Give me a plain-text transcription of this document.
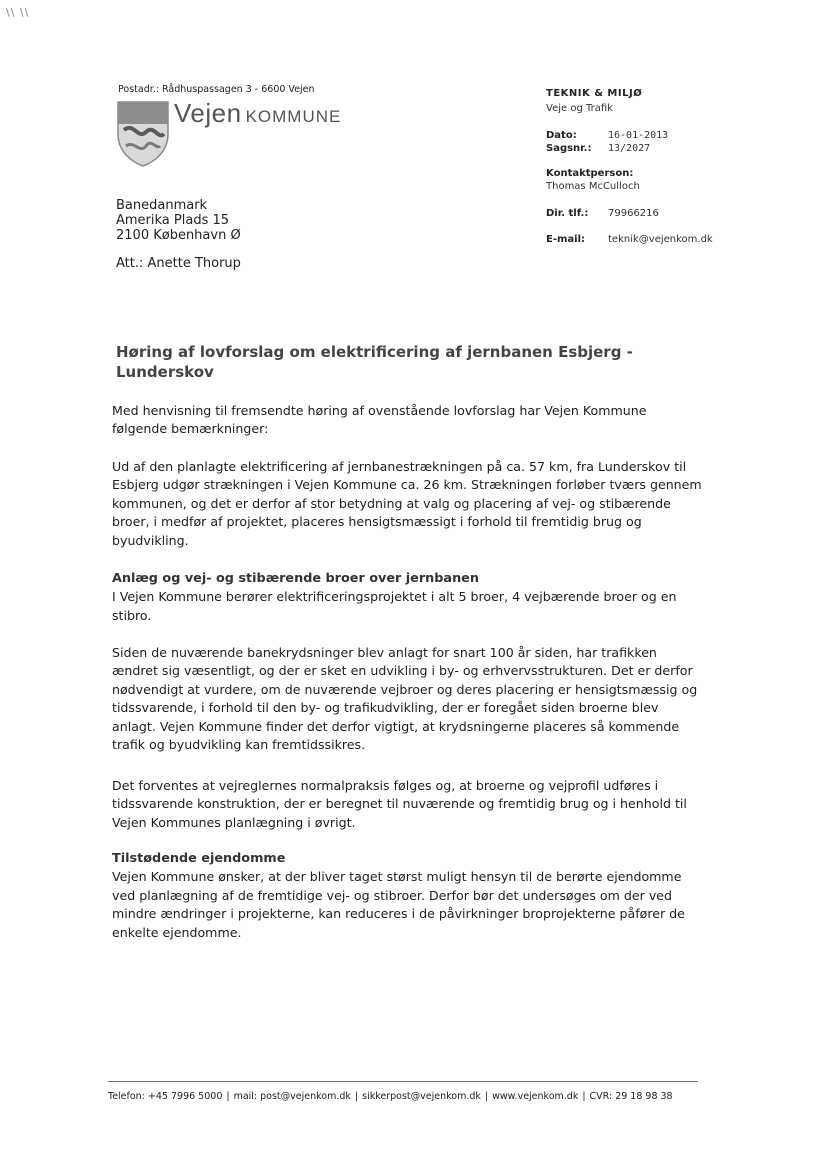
\\ \\
Postadr.: Rådhuspassagen 3 - 6600 Vejen
Vejen KOMMUNE
TEKNIK & MILJØ
Veje og Trafik
Dato:	16-01-2013
Sagsnr.: 13/2027
Kontaktperson:
Thomas McCulloch
Dir. tlf.: 79966216
E-mail: teknik@vejenkom.dk
Banedanmark
Amerika Plads 15
2100 København Ø
Att.: Anette Thorup
Høring af lovforslag om elektrificering af jernbanen Esbjerg - Lunderskov

Med henvisning til fremsendte høring af ovenstående lovforslag har Vejen Kommune følgende bemærkninger:

Ud af den planlagte elektrificering af jernbanestrækningen på ca. 57 km, fra Lunderskov til Esbjerg udgør strækningen i Vejen Kommune ca. 26 km. Strækningen forløber tværs gennem kommunen, og det er derfor af stor betydning at valg og placering af vej- og stibærende broer, i medfør af projektet, placeres hensigtsmæssigt i forhold til fremtidig brug og byudvikling.

Anlæg og vej- og stibærende broer over jernbanen

I Vejen Kommune berører elektrificeringsprojektet i alt 5 broer, 4 vejbærende broer og en stibro.

Siden de nuværende banekrydsninger blev anlagt for snart 100 år siden, har trafikken ændret sig væsentligt, og der er sket en udvikling i by- og erhvervsstrukturen. Det er derfor nødvendigt at vurdere, om de nuværende vejbroer og deres placering er hensigtsmæssig og tidssvarende, i forhold til den by- og trafikudvikling, der er foregået siden broerne blev anlagt. Vejen Kommune finder det derfor vigtigt, at krydsningerne placeres så kommende trafik og byudvikling kan fremtidssikres.

Det forventes at vejreglernes normalpraksis følges og, at broerne og vejprofil udføres i tidssvarende konstruktion, der er beregnet til nuværende og fremtidig brug og i henhold til Vejen Kommunes planlægning i øvrigt.

Tilstødende ejendomme

Vejen Kommune ønsker, at der bliver taget størst muligt hensyn til de berørte ejendomme ved planlægning af de fremtidige vej- og stibroer. Derfor bør det undersøges om der ved mindre ændringer i projekterne, kan reduceres i de påvirkninger broprojekterne påfører de enkelte ejendomme.

Telefon: +45 7996 5000 | mail: post@vejenkom.dk | sikkerpost@vejenkom.dk | www.vejenkom.dk | CVR: 29 18 98 38
